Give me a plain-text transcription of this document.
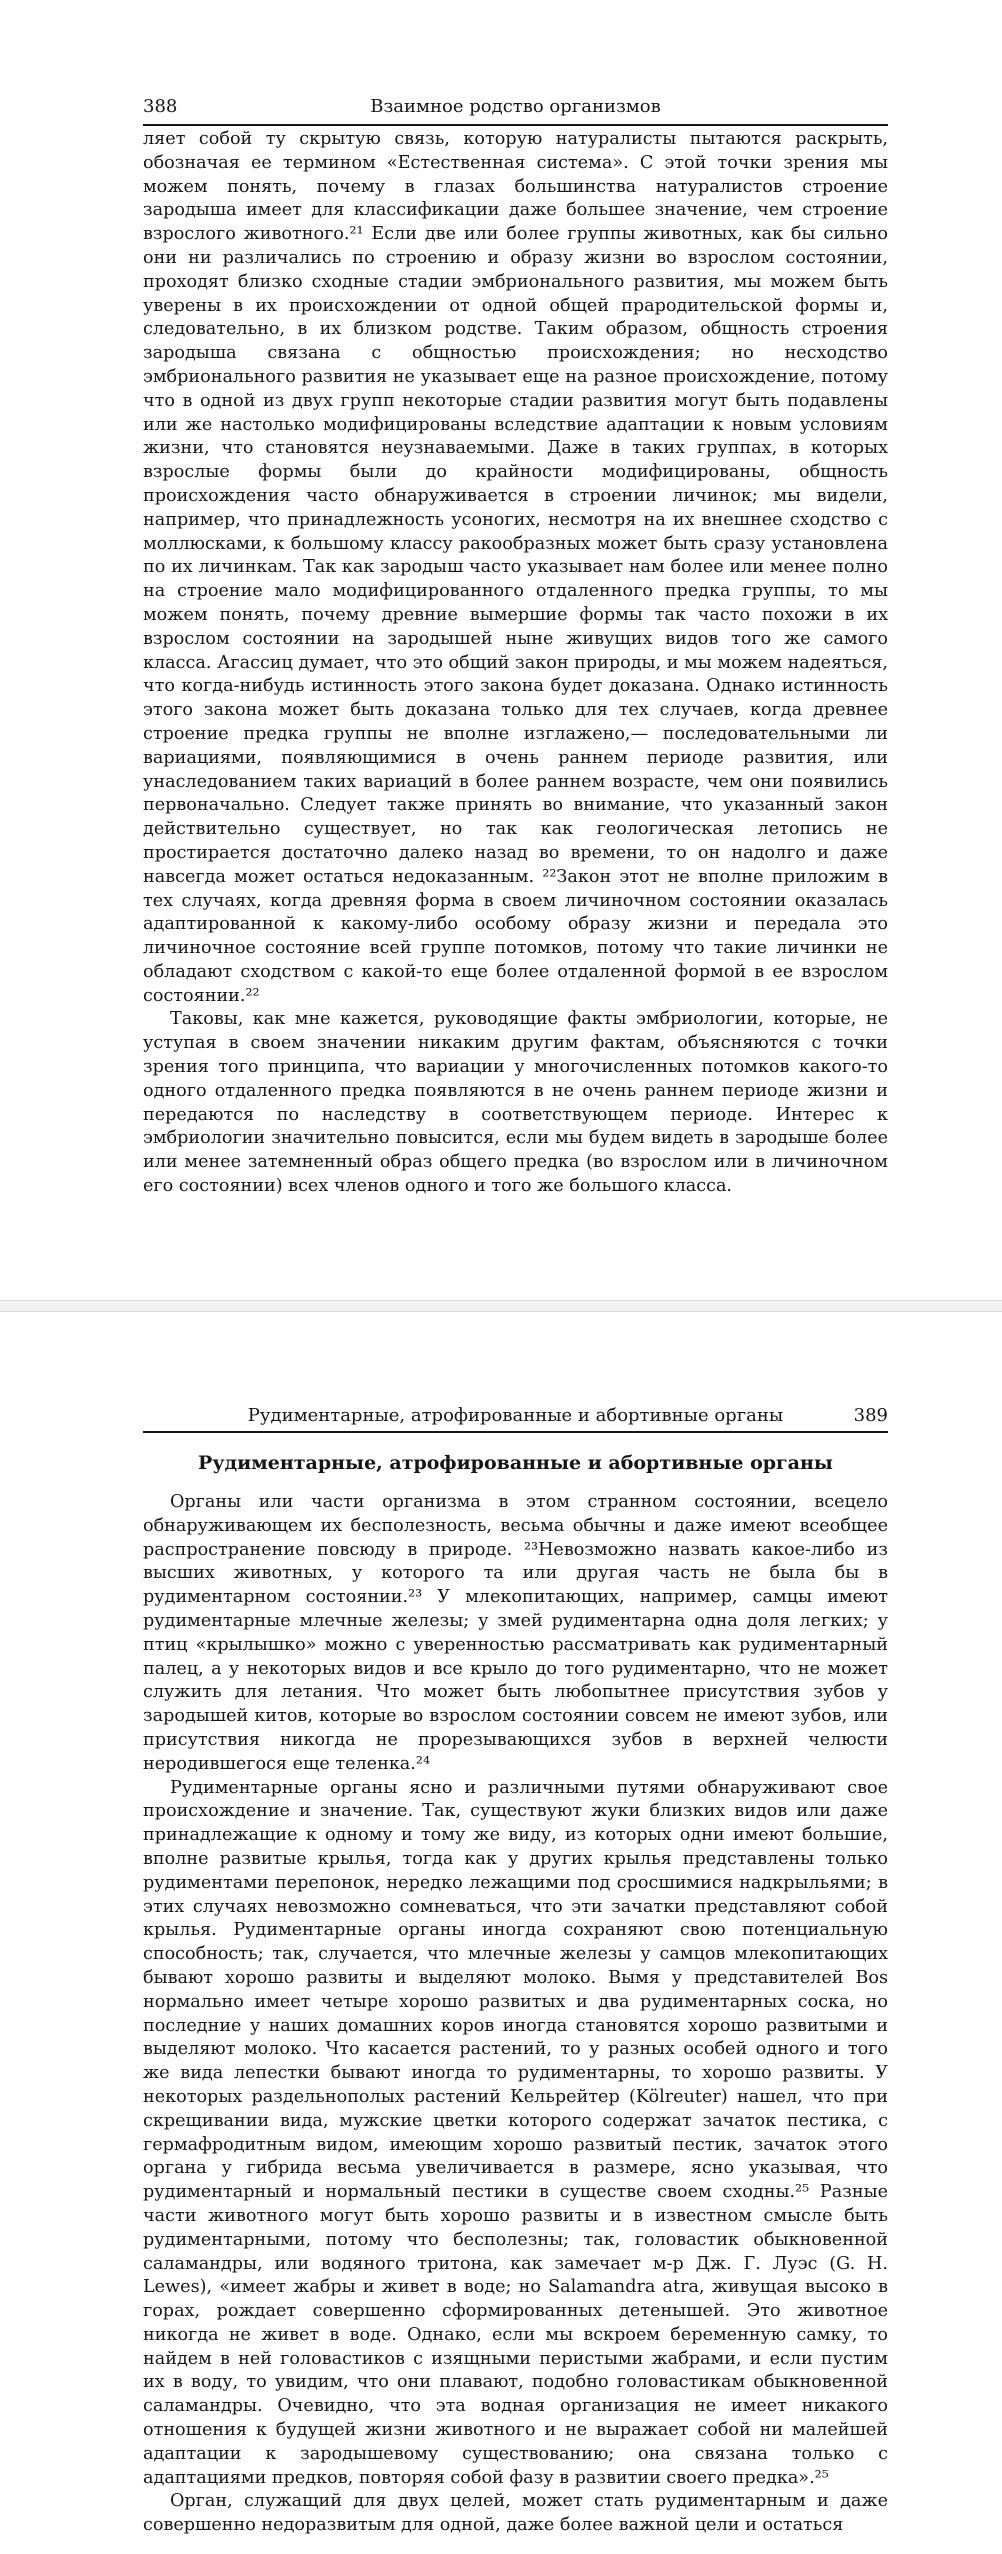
388	Взаимное родство организмов

ляет собой ту скрытую связь, которую натуралисты пытаются раскрыть, обозначая ее термином «Естественная система». С этой точки зрения мы можем понять, почему в глазах большинства натуралистов строение зародыша имеет для классификации даже большее значение, чем строение взрослого животного.²¹ Если две или более группы животных, как бы сильно они ни различались по строению и образу жизни во взрослом состоянии, проходят близко сходные стадии эмбрионального развития, мы можем быть уверены в их происхождении от одной общей прародительской формы и, следовательно, в их близком родстве. Таким образом, общность строения зародыша связана с общностью происхождения; но несходство эмбрионального развития не указывает еще на разное происхождение, потому что в одной из двух групп некоторые стадии развития могут быть подавлены или же настолько модифицированы вследствие адаптации к новым условиям жизни, что становятся неузнаваемыми. Даже в таких группах, в которых взрослые формы были до крайности модифицированы, общность происхождения часто обнаруживается в строении личинок; мы видели, например, что принадлежность усоногих, несмотря на их внешнее сходство с моллюсками, к большому классу ракообразных может быть сразу установлена по их личинкам. Так как зародыш часто указывает нам более или менее полно на строение мало модифицированного отдаленного предка группы, то мы можем понять, почему древние вымершие формы так часто похожи в их взрослом состоянии на зародышей ныне живущих видов того же самого класса. Агассиц думает, что это общий закон природы, и мы можем надеяться, что когда-нибудь истинность этого закона будет доказана. Однако истинность этого закона может быть доказана только для тех случаев, когда древнее строение предка группы не вполне изглажено,— последовательными ли вариациями, появляющимися в очень раннем периоде развития, или унаследованием таких вариаций в более раннем возрасте, чем они появились первоначально. Следует также принять во внимание, что указанный закон действительно существует, но так как геологическая летопись не простирается достаточно далеко назад во времени, то он надолго и даже навсегда может остаться недоказанным. ²²Закон этот не вполне приложим в тех случаях, когда древняя форма в своем личиночном состоянии оказалась адаптированной к какому-либо особому образу жизни и передала это личиночное состояние всей группе потомков, потому что такие личинки не обладают сходством с какой-то еще более отдаленной формой в ее взрослом состоянии.²²

Таковы, как мне кажется, руководящие факты эмбриологии, которые, не уступая в своем значении никаким другим фактам, объясняются с точки зрения того принципа, что вариации у многочисленных потомков какого-то одного отдаленного предка появляются в не очень раннем периоде жизни и передаются по наследству в соответствующем периоде. Интерес к эмбриологии значительно повысится, если мы будем видеть в зародыше более или менее затемненный образ общего предка (во взрослом или в личиночном его состоянии) всех членов одного и того же большого класса.

Рудиментарные, атрофированные и абортивные органы	389
Рудиментарные, атрофированные и абортивные органы

Органы или части организма в этом странном состоянии, всецело обнаруживающем их бесполезность, весьма обычны и даже имеют всеобщее распространение повсюду в природе. ²³Невозможно назвать какое-либо из высших животных, у которого та или другая часть не была бы в рудиментарном состоянии.²³ У млекопитающих, например, самцы имеют рудиментарные млечные железы; у змей рудиментарна одна доля легких; у птиц «крылышко» можно с уверенностью рассматривать как рудиментарный палец, а у некоторых видов и все крыло до того рудиментарно, что не может служить для летания. Что может быть любопытнее присутствия зубов у зародышей китов, которые во взрослом состоянии совсем не имеют зубов, или присутствия никогда не прорезывающихся зубов в верхней челюсти неродившегося еще теленка.²⁴

Рудиментарные органы ясно и различными путями обнаруживают свое происхождение и значение. Так, существуют жуки близких видов или даже принадлежащие к одному и тому же виду, из которых одни имеют большие, вполне развитые крылья, тогда как у других крылья представлены только рудиментами перепонок, нередко лежащими под сросшимися надкрыльями; в этих случаях невозможно сомневаться, что эти зачатки представляют собой крылья. Рудиментарные органы иногда сохраняют свою потенциальную способность; так, случается, что млечные железы у самцов млекопитающих бывают хорошо развиты и выделяют молоко. Вымя у представителей Bos нормально имеет четыре хорошо развитых и два рудиментарных соска, но последние у наших домашних коров иногда становятся хорошо развитыми и выделяют молоко. Что касается растений, то у разных особей одного и того же вида лепестки бывают иногда то рудиментарны, то хорошо развиты. У некоторых раздельнополых растений Кельрейтер (Kölreuter) нашел, что при скрещивании вида, мужские цветки которого содержат зачаток пестика, с гермафродитным видом, имеющим хорошо развитый пестик, зачаток этого органа у гибрида весьма увеличивается в размере, ясно указывая, что рудиментарный и нормальный пестики в существе своем сходны.²⁵ Разные части животного могут быть хорошо развиты и в известном смысле быть рудиментарными, потому что бесполезны; так, головастик обыкновенной саламандры, или водяного тритона, как замечает м-р Дж. Г. Луэс (G. H. Lewes), «имеет жабры и живет в воде; но Salamandra atra, живущая высоко в горах, рождает совершенно сформированных детенышей. Это животное никогда не живет в воде. Однако, если мы вскроем беременную самку, то найдем в ней головастиков с изящными перистыми жабрами, и если пустим их в воду, то увидим, что они плавают, подобно головастикам обыкновенной саламандры. Очевидно, что эта водная организация не имеет никакого отношения к будущей жизни животного и не выражает собой ни малейшей адаптации к зародышевому существованию; она связана только с адаптациями предков, повторяя собой фазу в развитии своего предка».²⁵

Орган, служащий для двух целей, может стать рудиментарным и даже совершенно недоразвитым для одной, даже более важной цели и остаться
